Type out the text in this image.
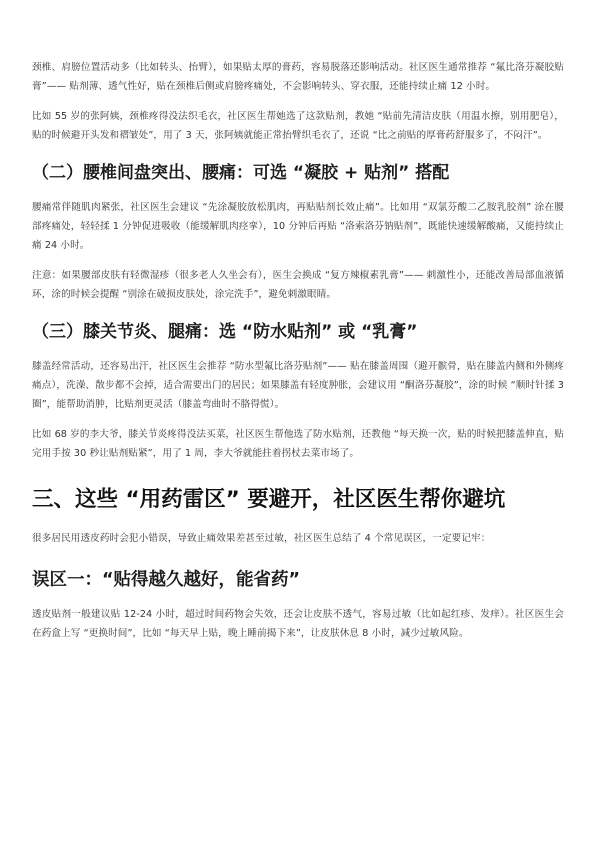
颈椎、肩膀位置活动多（比如转头、抬臂），如果贴太厚的膏药，容易脱落还影响活动。社区医生通常推荐 “氟比洛芬凝胶贴膏”—— 贴剂薄、透气性好，贴在颈椎后侧或肩膀疼痛处，不会影响转头、穿衣服，还能持续止痛 12 小时。

比如 55 岁的张阿姨，颈椎疼得没法织毛衣，社区医生帮她选了这款贴剂，教她 “贴前先清洁皮肤（用温水擦，别用肥皂），贴的时候避开头发和褶皱处”，用了 3 天，张阿姨就能正常抬臂织毛衣了，还说 “比之前贴的厚膏药舒服多了，不闷汗”。

（二）腰椎间盘突出、腰痛：可选 “凝胶 + 贴剂” 搭配

腰痛常伴随肌肉紧张，社区医生会建议 “先涂凝胶放松肌肉，再贴贴剂长效止痛”。比如用 “双氯芬酸二乙胺乳胶剂” 涂在腰部疼痛处，轻轻揉 1 分钟促进吸收（能缓解肌肉痉挛），10 分钟后再贴 “洛索洛芬钠贴剂”，既能快速缓解酸痛，又能持续止痛 24 小时。

注意：如果腰部皮肤有轻微湿疹（很多老人久坐会有），医生会换成 “复方辣椒素乳膏”—— 刺激性小，还能改善局部血液循环，涂的时候会提醒 “别涂在破损皮肤处，涂完洗手”，避免刺激眼睛。

（三）膝关节炎、腿痛：选 “防水贴剂” 或 “乳膏”

膝盖经常活动，还容易出汗，社区医生会推荐 “防水型氟比洛芬贴剂”—— 贴在膝盖周围（避开髌骨，贴在膝盖内侧和外侧疼痛点），洗澡、散步都不会掉，适合需要出门的居民；如果膝盖有轻度肿胀，会建议用 “酮洛芬凝胶”，涂的时候 “顺时针揉 3 圈”，能帮助消肿，比贴剂更灵活（膝盖弯曲时不胳得慌）。

比如 68 岁的李大爷，膝关节炎疼得没法买菜，社区医生帮他选了防水贴剂，还教他 “每天换一次，贴的时候把膝盖伸直，贴完用手按 30 秒让贴剂贴紧”，用了 1 周，李大爷就能拄着拐杖去菜市场了。

三、这些 “用药雷区” 要避开，社区医生帮你避坑

很多居民用透皮药时会犯小错误，导致止痛效果差甚至过敏，社区医生总结了 4 个常见误区，一定要记牢：

误区一：“贴得越久越好，能省药”

透皮贴剂一般建议贴 12-24 小时，超过时间药物会失效，还会让皮肤不透气，容易过敏（比如起红疹、发痒）。社区医生会在药盒上写 “更换时间”，比如 “每天早上贴，晚上睡前揭下来”，让皮肤休息 8 小时，减少过敏风险。
